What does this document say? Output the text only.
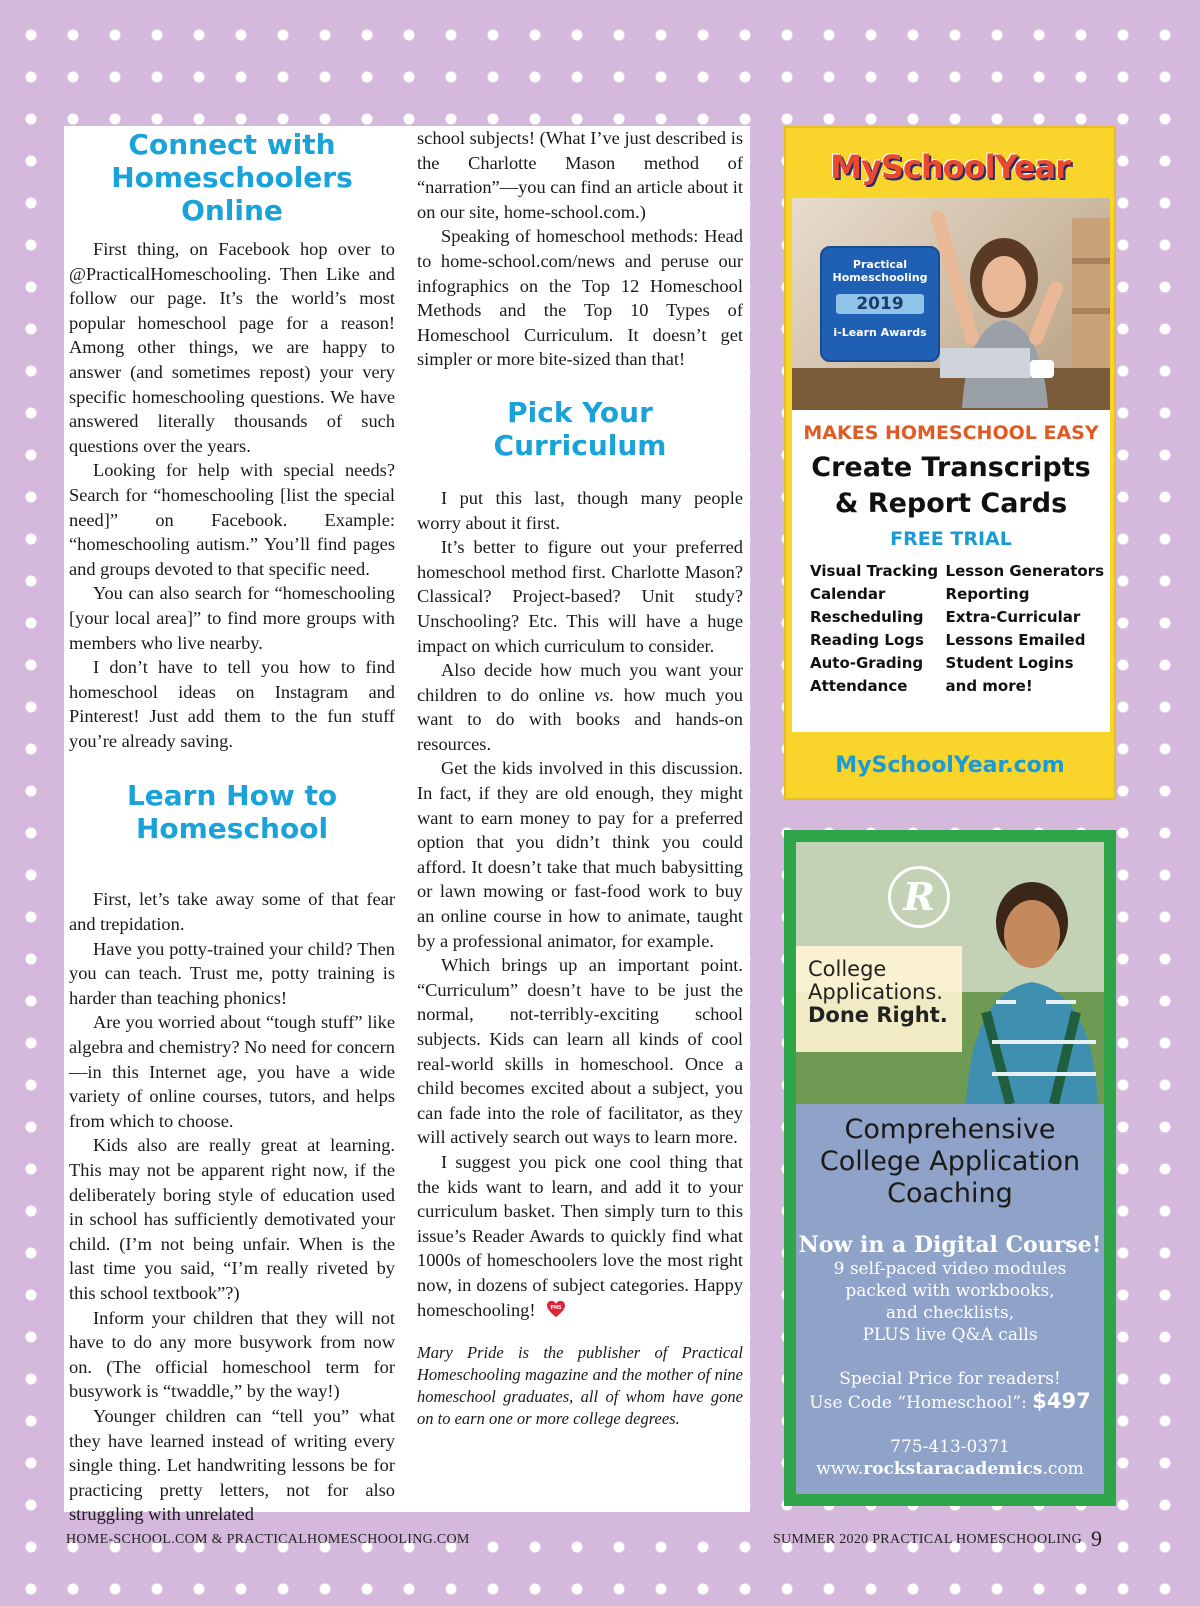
Connect with
Homeschoolers Online

First thing, on Facebook hop over to @PracticalHomeschooling. Then Like and follow our page. It’s the world’s most popular homeschool page for a reason! Among other things, we are happy to answer (and sometimes repost) your very specific homeschooling questions. We have answered literally thousands of such questions over the years.

Looking for help with special needs? Search for “homeschooling [list the special need]” on Facebook. Example: “homeschooling autism.” You’ll find pages and groups devoted to that specific need.

You can also search for “homeschooling [your local area]” to find more groups with members who live nearby.

I don’t have to tell you how to find homeschool ideas on Instagram and Pinterest! Just add them to the fun stuff you’re already saving.

Learn How to
Homeschool

First, let’s take away some of that fear and trepidation.

Have you potty-trained your child? Then you can teach. Trust me, potty training is harder than teaching phonics!

Are you worried about “tough stuff” like algebra and chemistry? No need for concern—in this Internet age, you have a wide variety of online courses, tutors, and helps from which to choose.

Kids also are really great at learning. This may not be apparent right now, if the deliberately boring style of education used in school has sufficiently demotivated your child. (I’m not being unfair. When is the last time you said, “I’m really riveted by this school textbook”?)

Inform your children that they will not have to do any more busywork from now on. (The official homeschool term for busywork is “twaddle,” by the way!)

Younger children can “tell you” what they have learned instead of writing every single thing. Let handwriting lessons be for practicing pretty letters, not for also struggling with unrelated

school subjects! (What I’ve just described is the Charlotte Mason method of “narration”—you can find an article about it on our site, home-school.com.)

Speaking of homeschool methods: Head to home-school.com/news and peruse our infographics on the Top 12 Homeschool Methods and the Top 10 Types of Homeschool Curriculum. It doesn’t get simpler or more bite-sized than that!

Pick Your Curriculum

I put this last, though many people worry about it first.

It’s better to figure out your preferred homeschool method first. Charlotte Mason? Classical? Project-based? Unit study? Unschooling? Etc. This will have a huge impact on which curriculum to consider.

Also decide how much you want your children to do online vs. how much you want to do with books and hands-on resources.

Get the kids involved in this discussion. In fact, if they are old enough, they might want to earn money to pay for a preferred option that you didn’t think you could afford. It doesn’t take that much babysitting or lawn mowing or fast-food work to buy an online course in how to animate, taught by a professional animator, for example.

Which brings up an important point. “Curriculum” doesn’t have to be just the normal, not-terribly-exciting school subjects. Kids can learn all kinds of cool real-world skills in homeschool. Once a child becomes excited about a subject, you can fade into the role of facilitator, as they will actively search out ways to learn more.

I suggest you pick one cool thing that the kids want to learn, and add it to your curriculum basket. Then simply turn to this issue’s Reader Awards to quickly find what 1000s of homeschoolers love the most right now, in dozens of subject categories. Happy homeschooling! PHS

Mary Pride is the publisher of Practical Homeschooling magazine and the mother of nine homeschool graduates, all of whom have gone on to earn one or more college degrees.

MySchoolYear
Practical Homeschooling
2019
i-Learn Awards
MAKES HOMESCHOOL EASY
Create Transcripts
& Report Cards
FREE TRIAL
Visual Tracking
Calendar
Rescheduling
Reading Logs
Auto-Grading
Attendance
Lesson Generators
Reporting
Extra-Curricular
Lessons Emailed
Student Logins
and more!
MySchoolYear.com
R
College
Applications.
Done Right.
Comprehensive
College Application
Coaching
Now in a Digital Course!
9 self-paced video modules
packed with workbooks,
and checklists,
PLUS live Q&A calls
Special Price for readers!
Use Code “Homeschool”: $497
775-413-0371
www.rockstaracademics.com
HOME-SCHOOL.COM & PRACTICALHOMESCHOOLING.COM	SUMMER 2020 PRACTICAL HOMESCHOOLING 9
